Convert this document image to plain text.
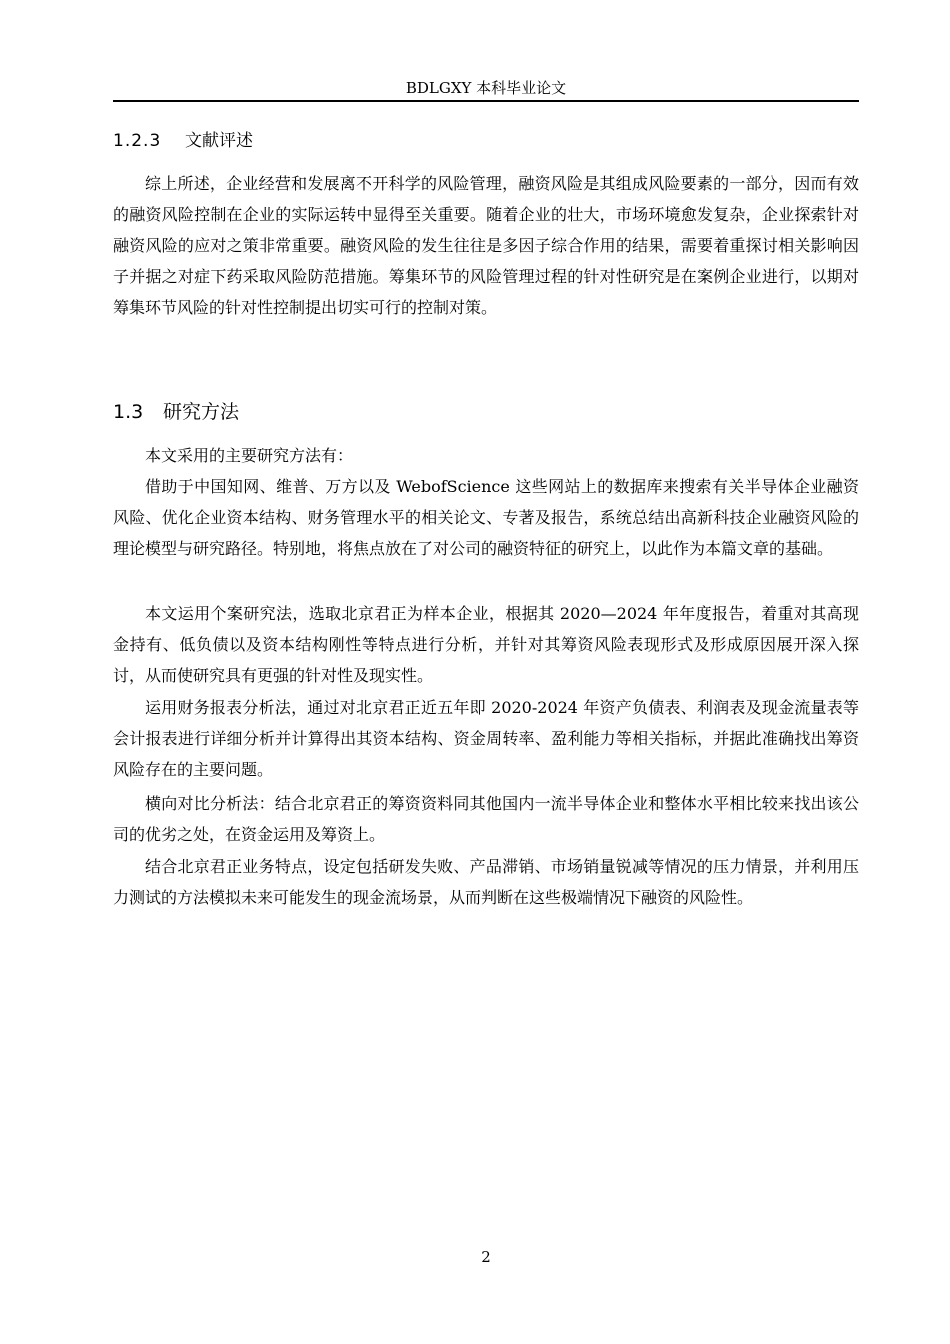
BDLGXY 本科毕业论文
1.2.3 文献评述

综上所述，企业经营和发展离不开科学的风险管理，融资风险是其组成风险要素的一部分，因而有效的融资风险控制在企业的实际运转中显得至关重要。随着企业的壮大，市场环境愈发复杂，企业探索针对融资风险的应对之策非常重要。融资风险的发生往往是多因子综合作用的结果，需要着重探讨相关影响因子并据之对症下药采取风险防范措施。筹集环节的风险管理过程的针对性研究是在案例企业进行，以期对筹集环节风险的针对性控制提出切实可行的控制对策。

1.3 研究方法

本文采用的主要研究方法有：

借助于中国知网、维普、万方以及 WebofScience 这些网站上的数据库来搜索有关半导体企业融资风险、优化企业资本结构、财务管理水平的相关论文、专著及报告，系统总结出高新科技企业融资风险的理论模型与研究路径。特别地，将焦点放在了对公司的融资特征的研究上，以此作为本篇文章的基础。

本文运用个案研究法，选取北京君正为样本企业，根据其 2020—2024 年年度报告，着重对其高现金持有、低负债以及资本结构刚性等特点进行分析，并针对其筹资风险表现形式及形成原因展开深入探讨，从而使研究具有更强的针对性及现实性。

运用财务报表分析法，通过对北京君正近五年即 2020-2024 年资产负债表、利润表及现金流量表等会计报表进行详细分析并计算得出其资本结构、资金周转率、盈利能力等相关指标，并据此准确找出筹资风险存在的主要问题。

横向对比分析法：结合北京君正的筹资资料同其他国内一流半导体企业和整体水平相比较来找出该公司的优劣之处，在资金运用及筹资上。

结合北京君正业务特点，设定包括研发失败、产品滞销、市场销量锐减等情况的压力情景，并利用压力测试的方法模拟未来可能发生的现金流场景，从而判断在这些极端情况下融资的风险性。

2
